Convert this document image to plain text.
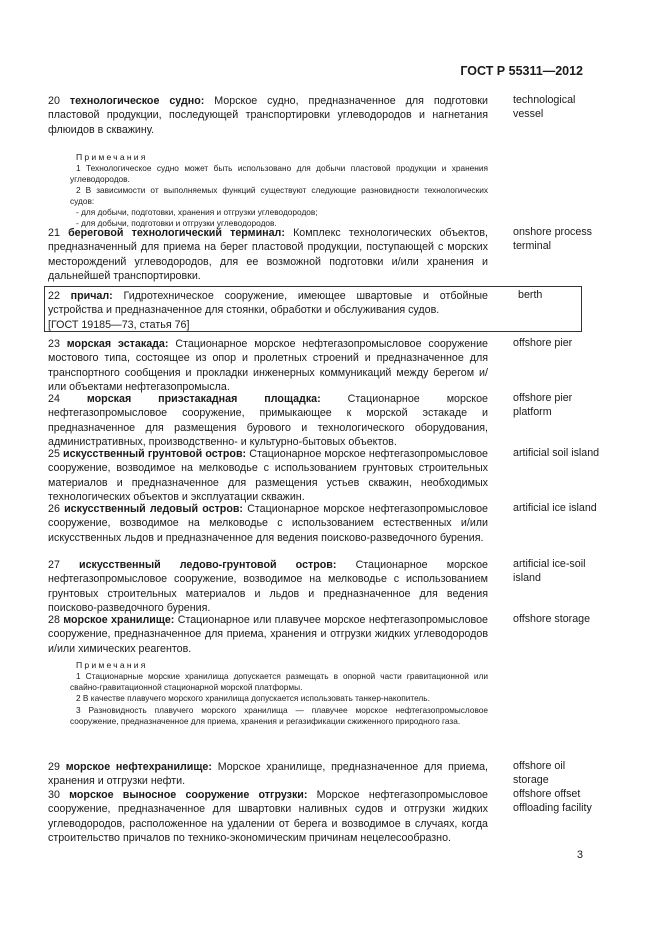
ГОСТ Р 55311—2012

20 технологическое судно: Морское судно, предназначенное для подготовки пластовой продукции, последующей транспортировки углеводородов и нагнетания флюидов в скважину.

technological vessel
Примечания

1 Технологическое судно может быть использовано для добычи пластовой продукции и хранения углеводородов.

2 В зависимости от выполняемых функций существуют следующие разновидности технологических судов:

- для добычи, подготовки, хранения и отгрузки углеводородов;

- для добычи, подготовки и отгрузки углеводородов.

21 береговой технологический терминал: Комплекс технологических объектов, предназначенный для приема на берег пластовой продукции, поступающей с морских месторождений углеводородов, для ее возможной подготовки и/или хранения и дальнейшей транспортировки.

onshore process terminal

22 причал: Гидротехническое сооружение, имеющее швартовые и отбойные устройства и предназначенное для стоянки, обработки и обслуживания судов.

[ГОСТ 19185—73, статья 76]

berth

23 морская эстакада: Стационарное морское нефтегазопромысловое сооружение мостового типа, состоящее из опор и пролетных строений и предназначенное для транспортного сообщения и прокладки инженерных коммуникаций между берегом и/или объектами нефтегазопромысла.

offshore pier

24	морская приэстакадная площадка:	Стационарное морское нефтегазопромысловое сооружение, примыкающее к морской эстакаде и предназначенное для размещения бурового и технологического оборудования, административных, производственно- и культурно-бытовых объектов.

offshore pier platform

25 искусственный грунтовой остров: Стационарное морское нефтегазопромысловое сооружение, возводимое на мелководье с использованием грунтовых строительных материалов и предназначенное для размещения устьев скважин, необходимых технологических объектов и эксплуатации скважин.

artificial soil island

26 искусственный ледовый остров: Стационарное морское нефтегазопромысловое сооружение, возводимое на мелководье с использованием естественных и/или искусственных льдов и предназначенное для ведения поисково-разведочного бурения.

artificial ice island

27 искусственный ледово-грунтовой остров: Стационарное морское нефтегазопромысловое сооружение, возводимое на мелководье с использованием грунтовых строительных материалов и льдов и предназначенное для ведения поисково-разведочного бурения.

artificial ice-soil island

28 морское хранилище: Стационарное или плавучее морское нефтегазопромысловое сооружение, предназначенное для приема, хранения и отгрузки жидких углеводородов и/или химических реагентов.

offshore storage
Примечания

1 Стационарные морские хранилища допускается размещать в опорной части гравитационной или свайно-гравитационной стационарной морской платформы.

2 В качестве плавучего морского хранилища допускается использовать танкер-накопитель.

3 Разновидность плавучего морского хранилища — плавучее морское нефтегазопромысловое сооружение, предназначенное для приема, хранения и регазификации сжиженного природного газа.

29 морское нефтехранилище: Морское хранилище, предназначенное для приема, хранения и отгрузки нефти.

offshore oil storage

30 морское выносное сооружение отгрузки: Морское нефтегазопромысловое сооружение, предназначенное для швартовки наливных судов и отгрузки жидких углеводородов, расположенное на удалении от берега и возводимое в случаях, когда строительство причалов по технико-экономическим причинам нецелесообразно.

offshore offset offloading facility
3
